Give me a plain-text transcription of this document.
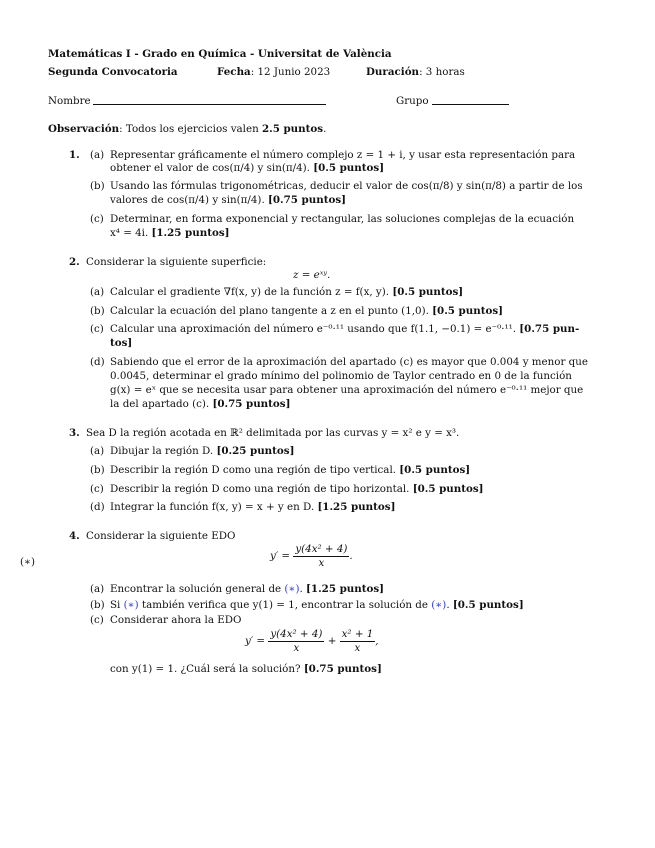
Matemáticas I - Grado en Química - Universitat de València
Segunda Convocatoria	Fecha: 12 Junio 2023	Duración: 3 horas
Nombre	Grupo
Observación: Todos los ejercicios valen 2.5 puntos.
1. (a) Representar gráficamente el número complejo z = 1 + i, y usar esta representación para
obtener el valor de cos(π/4) y sin(π/4). [0.5 puntos]
(b) Usando las fórmulas trigonométricas, deducir el valor de cos(π/8) y sin(π/8) a partir de los
valores de cos(π/4) y sin(π/4). [0.75 puntos]
(c) Determinar, en forma exponencial y rectangular, las soluciones complejas de la ecuación
x⁴ = 4i. [1.25 puntos]
2. Considerar la siguiente superficie:
z = eˣʸ.
(a) Calcular el gradiente ∇f(x, y) de la función z = f(x, y). [0.5 puntos]
(b) Calcular la ecuación del plano tangente a z en el punto (1,0). [0.5 puntos]
(c) Calcular una aproximación del número e⁻⁰·¹¹ usando que f(1.1, −0.1) = e⁻⁰·¹¹. [0.75 pun-
tos]
(d) Sabiendo que el error de la aproximación del apartado (c) es mayor que 0.004 y menor que
0.0045, determinar el grado mínimo del polinomio de Taylor centrado en 0 de la función
g(x) = eˣ que se necesita usar para obtener una aproximación del número e⁻⁰·¹¹ mejor que
la del apartado (c). [0.75 puntos]
3. Sea D la región acotada en ℝ² delimitada por las curvas y = x² e y = x³.
(a) Dibujar la región D. [0.25 puntos]
(b) Describir la región D como una región de tipo vertical. [0.5 puntos]
(c) Describir la región D como una región de tipo horizontal. [0.5 puntos]
(d) Integrar la función f(x, y) = x + y en D. [1.25 puntos]
4. Considerar la siguiente EDO
(∗)	$y' = \frac{\text{y(4x² + 4)}}{x}$ .
(a) Encontrar la solución general de (∗). [1.25 puntos]
(b) Si (∗) también verifica que y(1) = 1, encontrar la solución de (∗). [0.5 puntos]
(c) Considerar ahora la EDO
$y' = \frac{\text{y(4x² + 4)}}{x} + \frac{\text{x² + 1}}{x}$ ,
con y(1) = 1. ¿Cuál será la solución? [0.75 puntos]
